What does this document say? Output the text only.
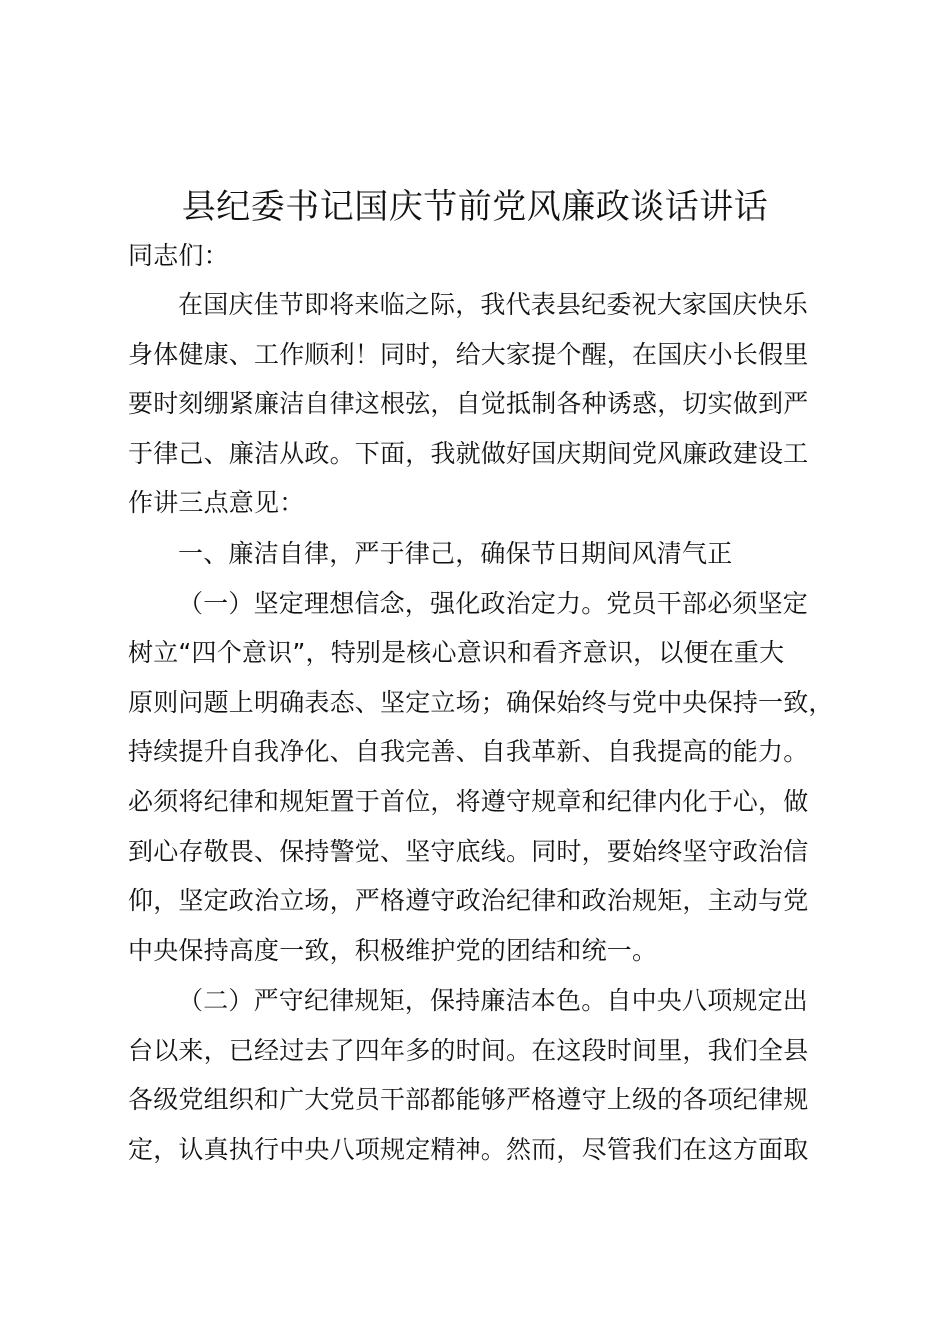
县纪委书记国庆节前党风廉政谈话讲话
同志们：
在国庆佳节即将来临之际，我代表县纪委祝大家国庆快乐
身体健康、工作顺利！同时，给大家提个醒，在国庆小长假里
要时刻绷紧廉洁自律这根弦，自觉抵制各种诱惑，切实做到严
于律己、廉洁从政。下面，我就做好国庆期间党风廉政建设工
作讲三点意见：
一、廉洁自律，严于律己，确保节日期间风清气正
（一）坚定理想信念，强化政治定力。党员干部必须坚定
树立“四个意识”，特别是核心意识和看齐意识，以便在重大
原则问题上明确表态、坚定立场；确保始终与党中央保持一致，
持续提升自我净化、自我完善、自我革新、自我提高的能力。
必须将纪律和规矩置于首位，将遵守规章和纪律内化于心，做
到心存敬畏、保持警觉、坚守底线。同时，要始终坚守政治信
仰，坚定政治立场，严格遵守政治纪律和政治规矩，主动与党
中央保持高度一致，积极维护党的团结和统一。
（二）严守纪律规矩，保持廉洁本色。自中央八项规定出
台以来，已经过去了四年多的时间。在这段时间里，我们全县
各级党组织和广大党员干部都能够严格遵守上级的各项纪律规
定，认真执行中央八项规定精神。然而，尽管我们在这方面取
